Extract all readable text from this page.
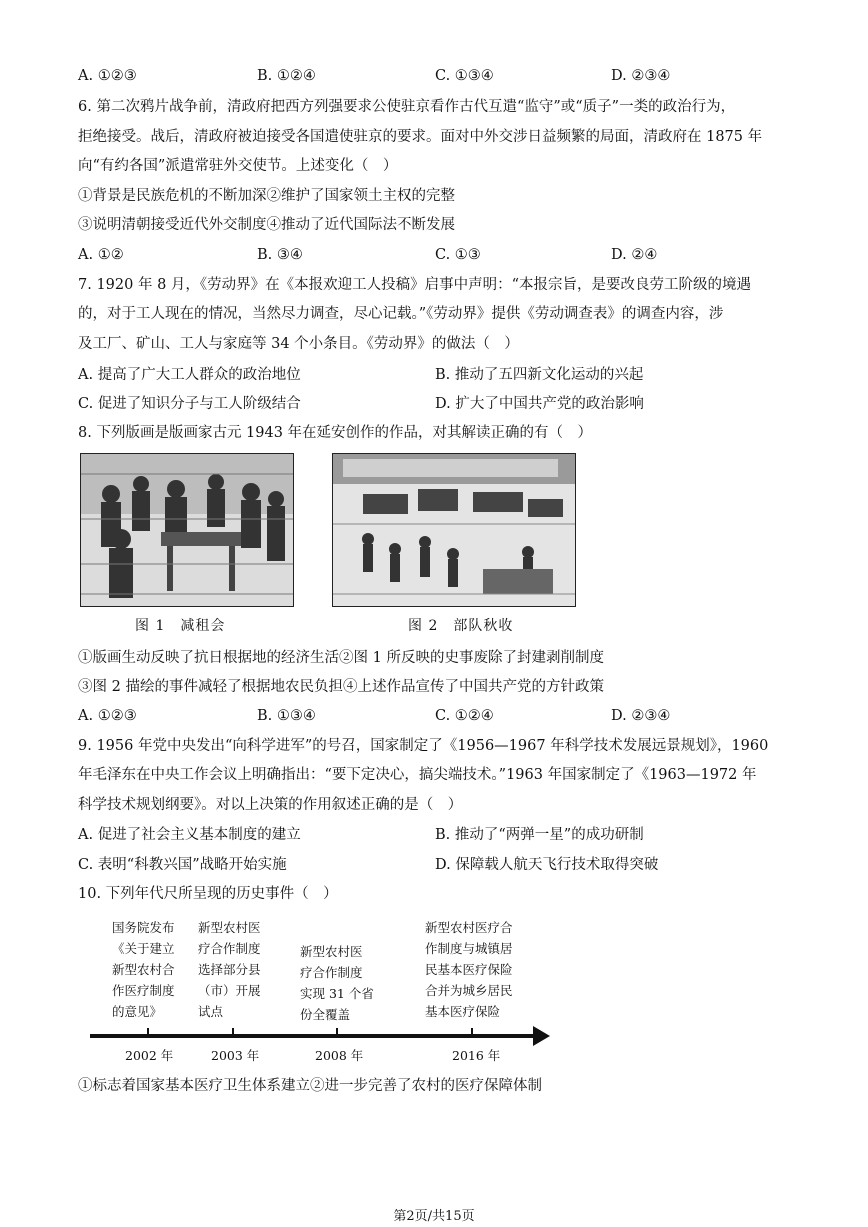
A. ①②③	B. ①②④	C. ①③④	D. ②③④
6. 第二次鸦片战争前，清政府把西方列强要求公使驻京看作古代互遣“监守”或“质子”一类的政治行为，
拒绝接受。战后，清政府被迫接受各国遣使驻京的要求。面对中外交涉日益频繁的局面，清政府在 1875 年
向“有约各国”派遣常驻外交使节。上述变化（　）
①背景是民族危机的不断加深②维护了国家领土主权的完整
③说明清朝接受近代外交制度④推动了近代国际法不断发展
A. ①②	B. ③④	C. ①③	D. ②④
7. 1920 年 8 月，《劳动界》在《本报欢迎工人投稿》启事中声明：“本报宗旨，是要改良劳工阶级的境遇
的，对于工人现在的情况，当然尽力调查，尽心记载。”《劳动界》提供《劳动调查表》的调查内容，涉
及工厂、矿山、工人与家庭等 34 个小条目。《劳动界》的做法（　）
A. 提高了广大工人群众的政治地位	B. 推动了五四新文化运动的兴起
C. 促进了知识分子与工人阶级结合	D. 扩大了中国共产党的政治影响
8. 下列版画是版画家古元 1943 年在延安创作的作品，对其解读正确的有（　）
图 1　减租会	图 2　部队秋收
①版画生动反映了抗日根据地的经济生活②图 1 所反映的史事废除了封建剥削制度
③图 2 描绘的事件减轻了根据地农民负担④上述作品宣传了中国共产党的方针政策
A. ①②③	B. ①③④	C. ①②④	D. ②③④
9. 1956 年党中央发出“向科学进军”的号召，国家制定了《1956—1967 年科学技术发展远景规划》，1960
年毛泽东在中央工作会议上明确指出：“要下定决心，搞尖端技术。”1963 年国家制定了《1963—1972 年
科学技术规划纲要》。对以上决策的作用叙述正确的是（　）
A. 促进了社会主义基本制度的建立	B. 推动了“两弹一星”的成功研制
C. 表明“科教兴国”战略开始实施	D. 保障载人航天飞行技术取得突破
10. 下列年代尺所呈现的历史事件（　）
国务院发布
《关于建立
新型农村合
作医疗制度
的意见》
新型农村医
疗合作制度
选择部分县
（市）开展
试点
新型农村医
疗合作制度
实现 31 个省
份全覆盖
新型农村医疗合
作制度与城镇居
民基本医疗保险
合并为城乡居民
基本医疗保险
2002 年	2003 年	2008 年	2016 年
①标志着国家基本医疗卫生体系建立②进一步完善了农村的医疗保障体制
第2页/共15页
